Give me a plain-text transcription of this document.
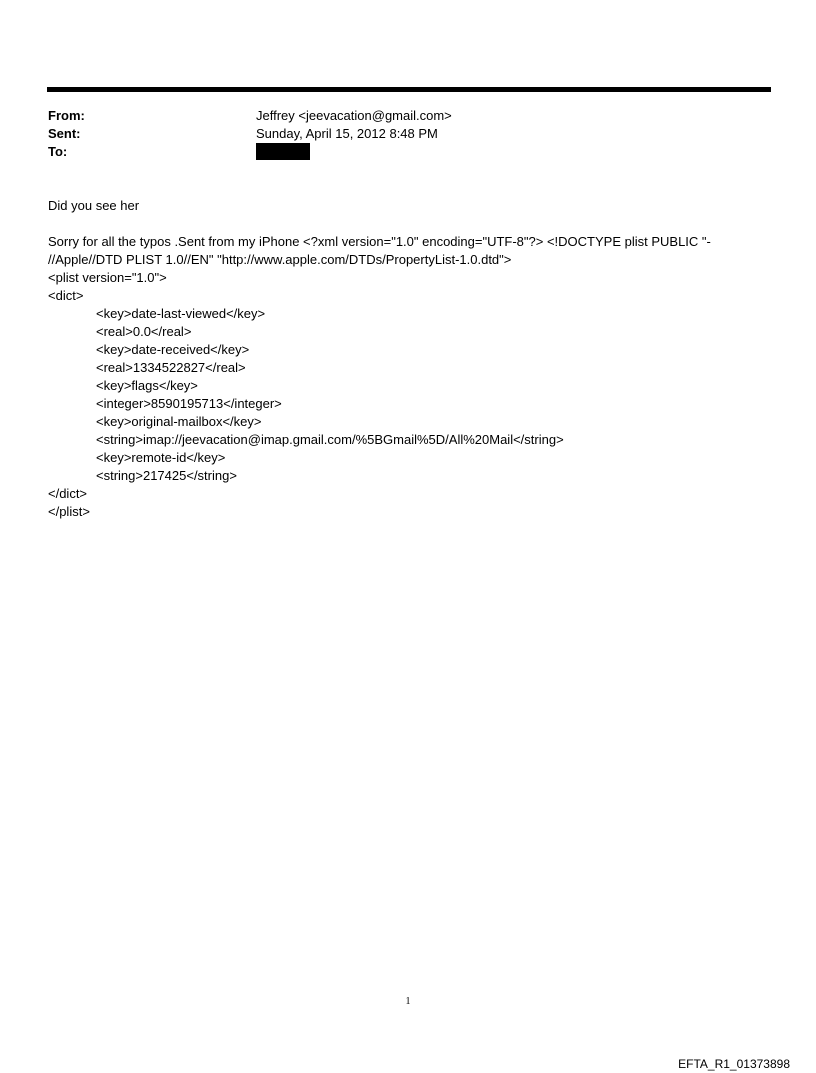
From:	Jeffrey <jeevacation@gmail.com>
Sent:	Sunday, April 15, 2012 8:48 PM
To:

Did you see her

Sorry for all the typos .Sent from my iPhone <?xml version="1.0" encoding="UTF-8"?> <!DOCTYPE plist PUBLIC "-

//Apple//DTD PLIST 1.0//EN" "http://www.apple.com/DTDs/PropertyList-1.0.dtd">

<plist version="1.0">

<dict>

<key>date-last-viewed</key>

<real>0.0</real>

<key>date-received</key>

<real>1334522827</real>

<key>flags</key>

<integer>8590195713</integer>

<key>original-mailbox</key>

<string>imap://jeevacation@imap.gmail.com/%5BGmail%5D/All%20Mail</string>

<key>remote-id</key>

<string>217425</string>

</dict>

</plist>

1
EFTA_R1_01373898
